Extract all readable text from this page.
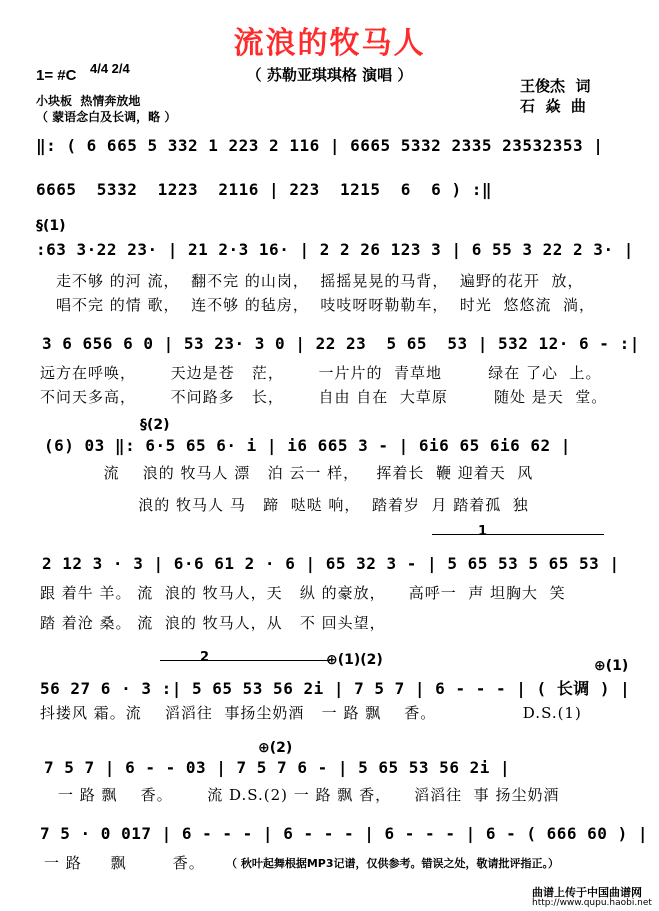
流浪的牧马人
（ 苏勒亚琪琪格 演唱 ）
王俊杰  词
石  焱  曲
1= #C 4/4 2/4
小块板  热情奔放地
（ 蒙语念白及长调，略 ）
‖: ( 6 665 5 332 1 223 2 116 | 6665 5332 2335 23532353 |
6665  5332  1223  2116 | 223  1215  6  6 ) :‖
§(1)
:63 3·22 23· | 21 2·3 16· | 2 2 26 123 3 | 6 55 3 22 2 3· |
走不够 的河 流，  翻不完 的山岗，  摇摇晃晃的马背，  遍野的花开  放，
唱不完 的情 歌，  连不够 的毡房，  吱吱呀呀勒勒车，  时光  悠悠流  淌，
3 6 656 6 0 | 53 23· 3 0 | 22 23  5 65  53 | 532 12· 6 - :|
远方在呼唤，      天边是苍   茫，      一片片的  青草地        绿在 了心  上。
不问天多高，      不问路多   长，      自由 自在  大草原        随处 是天  堂。
§(2)
(6) 03 ‖: 6·5 65 6· i | i6 665 3 - | 6i6 65 6i6 62 |
流    浪的 牧马人 漂   泊 云一 样，   挥着长  鞭 迎着天  风
浪的 牧马人 马   蹄  哒哒 响，  踏着岁  月 踏着孤  独
1
2 12 3 · 3 | 6·6 61 2 · 6 | 65 32 3 - | 5 65 53 5 65 53 |
跟 着牛 羊。 流  浪的 牧马人，天   纵 的豪放，    高呼一  声 坦胸大  笑
踏 着沧 桑。 流  浪的 牧马人，从   不 回头望，
2	⊕(1)(2)	⊕(1)
56 27 6 · 3 :| 5 65 53 56 2i | 7 5 7 | 6 - - - | ( 长调 ) |
抖搂风 霜。流    滔滔往  事扬尘奶酒   一 路 飘    香。               D.S.(1)
⊕(2)
7 5 7 | 6 - - 03 | 7 5 7 6 - | 5 65 53 56 2i |
一 路 飘    香。      流 D.S.(2) 一 路 飘 香，    滔滔往  事 扬尘奶酒
7 5 · 0 017 | 6 - - - | 6 - - - | 6 - - - | 6 - ( 666 60 ) |
一 路     飘        香。 （ 秋叶起舞根据MP3记谱，仅供参考。错误之处，敬请批评指正。）
曲谱上传于中国曲谱网
http://www.qupu.haobi.net
